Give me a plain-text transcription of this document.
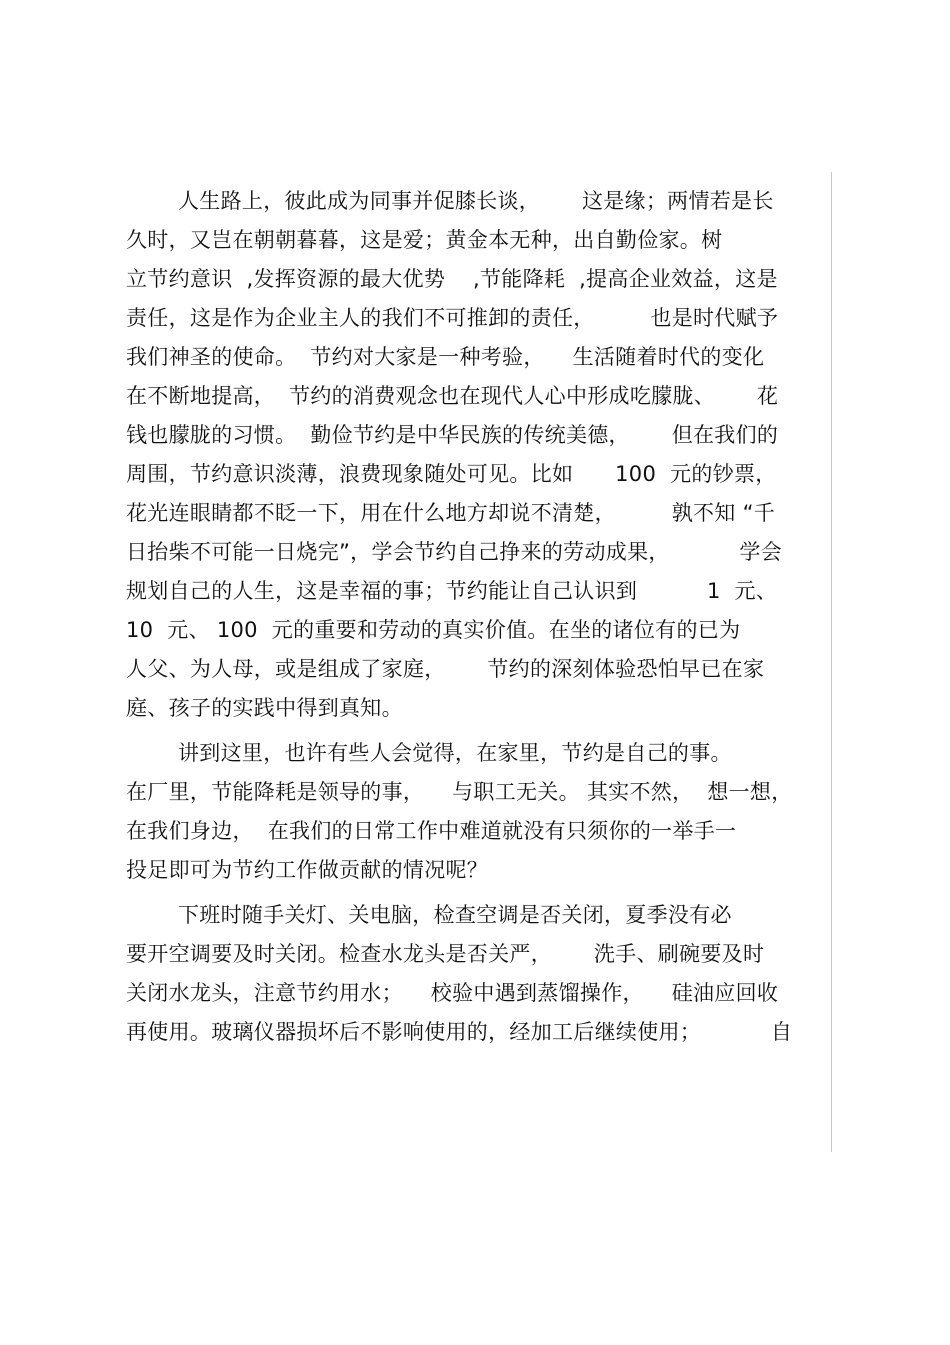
人生路上，彼此成为同事并促膝长谈，      这是缘；两情若是长
久时，又岂在朝朝暮暮，这是爱；黄金本无种，出自勤俭家。树
立节约意识  ,发挥资源的最大优势    ,节能降耗  ,提高企业效益，这是
责任，这是作为企业主人的我们不可推卸的责任，        也是时代赋予
我们神圣的使命。  节约对大家是一种考验，    生活随着时代的变化
在不断地提高，  节约的消费观念也在现代人心中形成吃朦胧、      花
钱也朦胧的习惯。  勤俭节约是中华民族的传统美德，      但在我们的
周围，节约意识淡薄，浪费现象随处可见。比如      100  元的钞票，
花光连眼睛都不眨一下，用在什么地方却说不清楚，        孰不知 “千
日抬柴不可能一日烧完”，学会节约自己挣来的劳动成果，          学会
规划自己的人生，这是幸福的事；节约能让自己认识到          1  元、
10  元、 100  元的重要和劳动的真实价值。在坐的诸位有的已为
人父、为人母，或是组成了家庭，      节约的深刻体验恐怕早已在家
庭、孩子的实践中得到真知。
讲到这里，也许有些人会觉得，在家里，节约是自己的事。
在厂里，节能降耗是领导的事，    与职工无关。 其实不然，  想一想，
在我们身边，  在我们的日常工作中难道就没有只须你的一举手一
投足即可为节约工作做贡献的情况呢？
下班时随手关灯、关电脑，检查空调是否关闭，夏季没有必
要开空调要及时关闭。检查水龙头是否关严，      洗手、刷碗要及时
关闭水龙头，注意节约用水；    校验中遇到蒸馏操作，    硅油应回收
再使用。玻璃仪器损坏后不影响使用的，经加工后继续使用；          自
